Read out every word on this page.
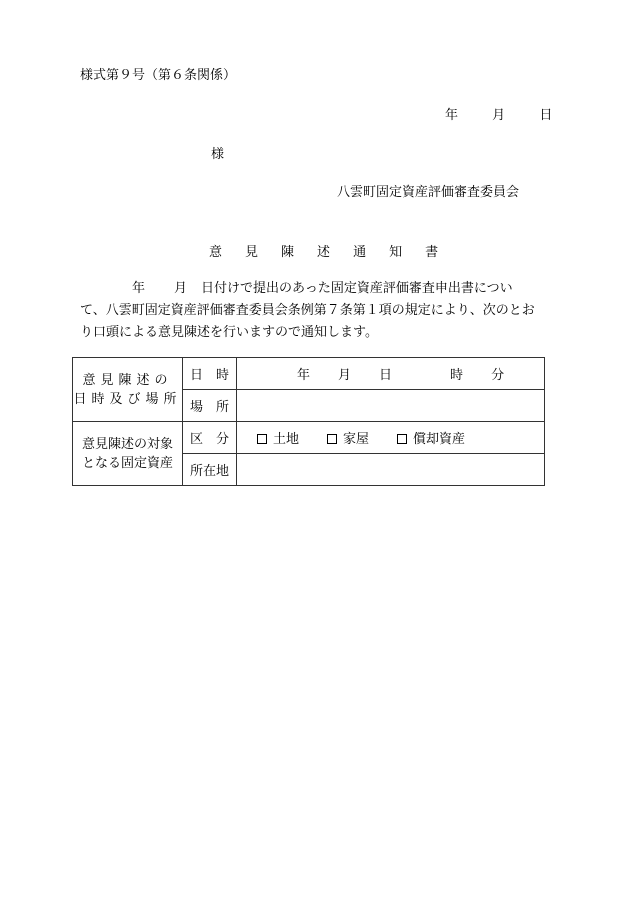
様式第９号（第６条関係）
年	月	日
様
八雲町固定資産評価審査委員会
意 見 陳 述 通 知 書
年 月 日付けで提出のあった固定資産評価審査申出書につい
て、八雲町固定資産評価審査委員会条例第７条第１項の規定により、次のとお
り口頭による意見陳述を行いますので通知します。
意見陳述の
日時及び場所	日　時	年 月 日 時 分
	場　所	

意見陳述の対象
となる固定資産	区　分	土地 家屋 償却資産
	所在地	
